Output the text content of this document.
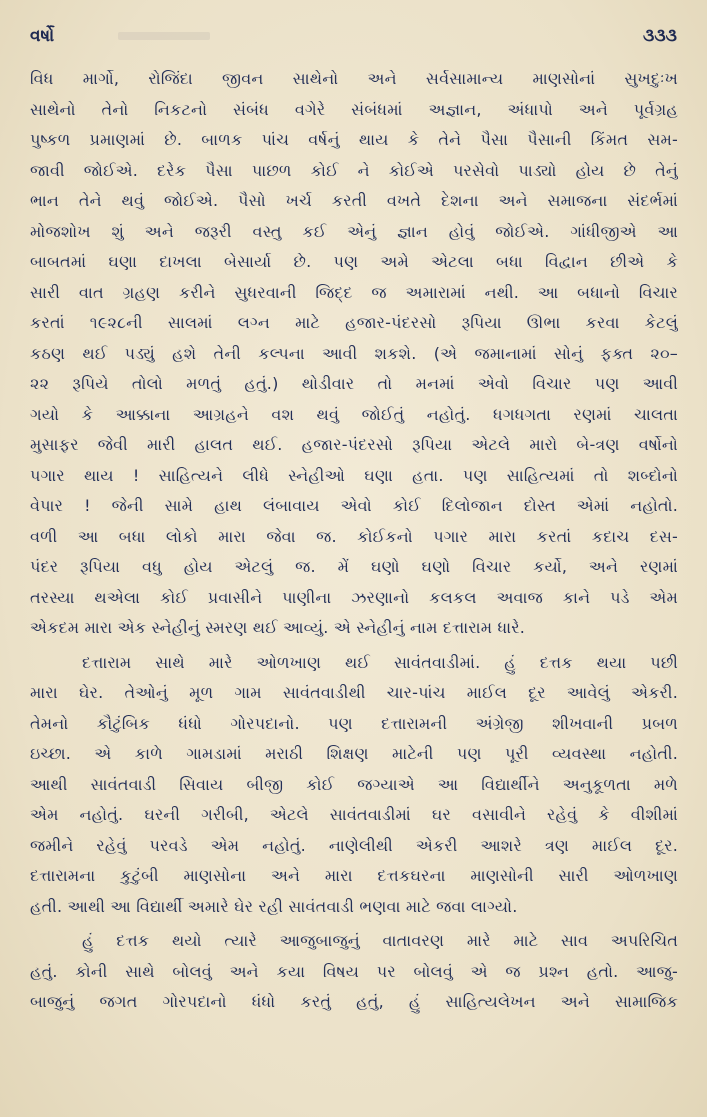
વર્ષો	૩૩૩
વિધ માર્ગો, રોજિંદા જીવન સાથેનો અને સર્વસામાન્ય માણસોનાં સુખદુઃખ
સાથેનો તેનો નિકટનો સંબંધ વગેરે સંબંધમાં અજ્ઞાન, અંધાપો અને પૂર્વગ્રહ
પુષ્કળ પ્રમાણમાં છે. બાળક પાંચ વર્ષનું થાય કે તેને પૈસા પૈસાની કિંમત સમ-
જાવી જોઈએ. દરેક પૈસા પાછળ કોઈ ને કોઈએ પરસેવો પાડ્યો હોય છે તેનું
ભાન તેને થવું જોઈએ. પૈસો ખર્ચ કરતી વખતે દેશના અને સમાજના સંદર્ભમાં
મોજશોખ શું અને જરૂરી વસ્તુ કઈ એનું જ્ઞાન હોવું જોઈએ. ગાંધીજીએ આ
બાબતમાં ઘણા દાખલા બેસાર્યા છે. પણ અમે એટલા બધા વિદ્વાન છીએ કે
સારી વાત ગ્રહણ કરીને સુધરવાની જિદ્દ જ અમારામાં નથી. આ બધાનો વિચાર
કરતાં ૧૯૨૮ની સાલમાં લગ્ન માટે હજાર-પંદરસો રૂપિયા ઊભા કરવા કેટલું
કઠણ થઈ પડ્યું હશે તેની કલ્પના આવી શકશે. (એ જમાનામાં સોનું ફક્ત ૨૦–
૨૨ રૂપિયે તોલો મળતું હતું.) થોડીવાર તો મનમાં એવો વિચાર પણ આવી
ગયો કે આક્કાના આગ્રહને વશ થવું જોઈતું નહોતું. ધગધગતા રણમાં ચાલતા
મુસાફર જેવી મારી હાલત થઈ. હજાર-પંદરસો રૂપિયા એટલે મારો બે-ત્રણ વર્ષોનો
પગાર થાય ! સાહિત્યને લીધે સ્નેહીઓ ઘણા હતા. પણ સાહિત્યમાં તો શબ્દોનો
વેપાર ! જેની સામે હાથ લંબાવાય એવો કોઈ દિલોજાન દોસ્ત એમાં નહોતો.
વળી આ બધા લોકો મારા જેવા જ. કોઈકનો પગાર મારા કરતાં કદાચ દસ-
પંદર રૂપિયા વધુ હોય એટલું જ. મેં ઘણો ઘણો વિચાર કર્યો, અને રણમાં
તરસ્યા થએલા કોઈ પ્રવાસીને પાણીના ઝરણાનો કલકલ અવાજ કાને પડે એમ
એકદમ મારા એક સ્નેહીનું સ્મરણ થઈ આવ્યું. એ સ્નેહીનું નામ દત્તારામ ધારે.
દત્તારામ સાથે મારે ઓળખાણ થઈ સાવંતવાડીમાં. હું દત્તક થયા પછી
મારા ઘેર. તેઓનું મૂળ ગામ સાવંતવાડીથી ચાર-પાંચ માઈલ દૂર આવેલું એકરી.
તેમનો કૌટુંબિક ધંધો ગોરપદાનો. પણ દત્તારામની અંગ્રેજી શીખવાની પ્રબળ
ઇચ્છા. એ કાળે ગામડામાં મરાઠી શિક્ષણ માટેની પણ પૂરી વ્યવસ્થા નહોતી.
આથી સાવંતવાડી સિવાય બીજી કોઈ જગ્યાએ આ વિદ્યાર્થીને અનુકૂળતા મળે
એમ નહોતું. ઘરની ગરીબી, એટલે સાવંતવાડીમાં ઘર વસાવીને રહેવું કે વીશીમાં
જમીને રહેવું પરવડે એમ નહોતું. નાણેલીથી એકરી આશરે ત્રણ માઈલ દૂર.
દત્તારામના કુટુંબી માણસોના અને મારા દત્તકઘરના માણસોની સારી ઓળખાણ
હતી. આથી આ વિદ્યાર્થી અમારે ઘેર રહી સાવંતવાડી ભણવા માટે જવા લાગ્યો.
હું દત્તક થયો ત્યારે આજુબાજુનું વાતાવરણ મારે માટે સાવ અપરિચિત
હતું. કોની સાથે બોલવું અને કયા વિષય પર બોલવું એ જ પ્રશ્ન હતો. આજુ-
બાજુનું જગત ગોરપદાનો ધંધો કરતું હતું, હું સાહિત્યલેખન અને સામાજિક
